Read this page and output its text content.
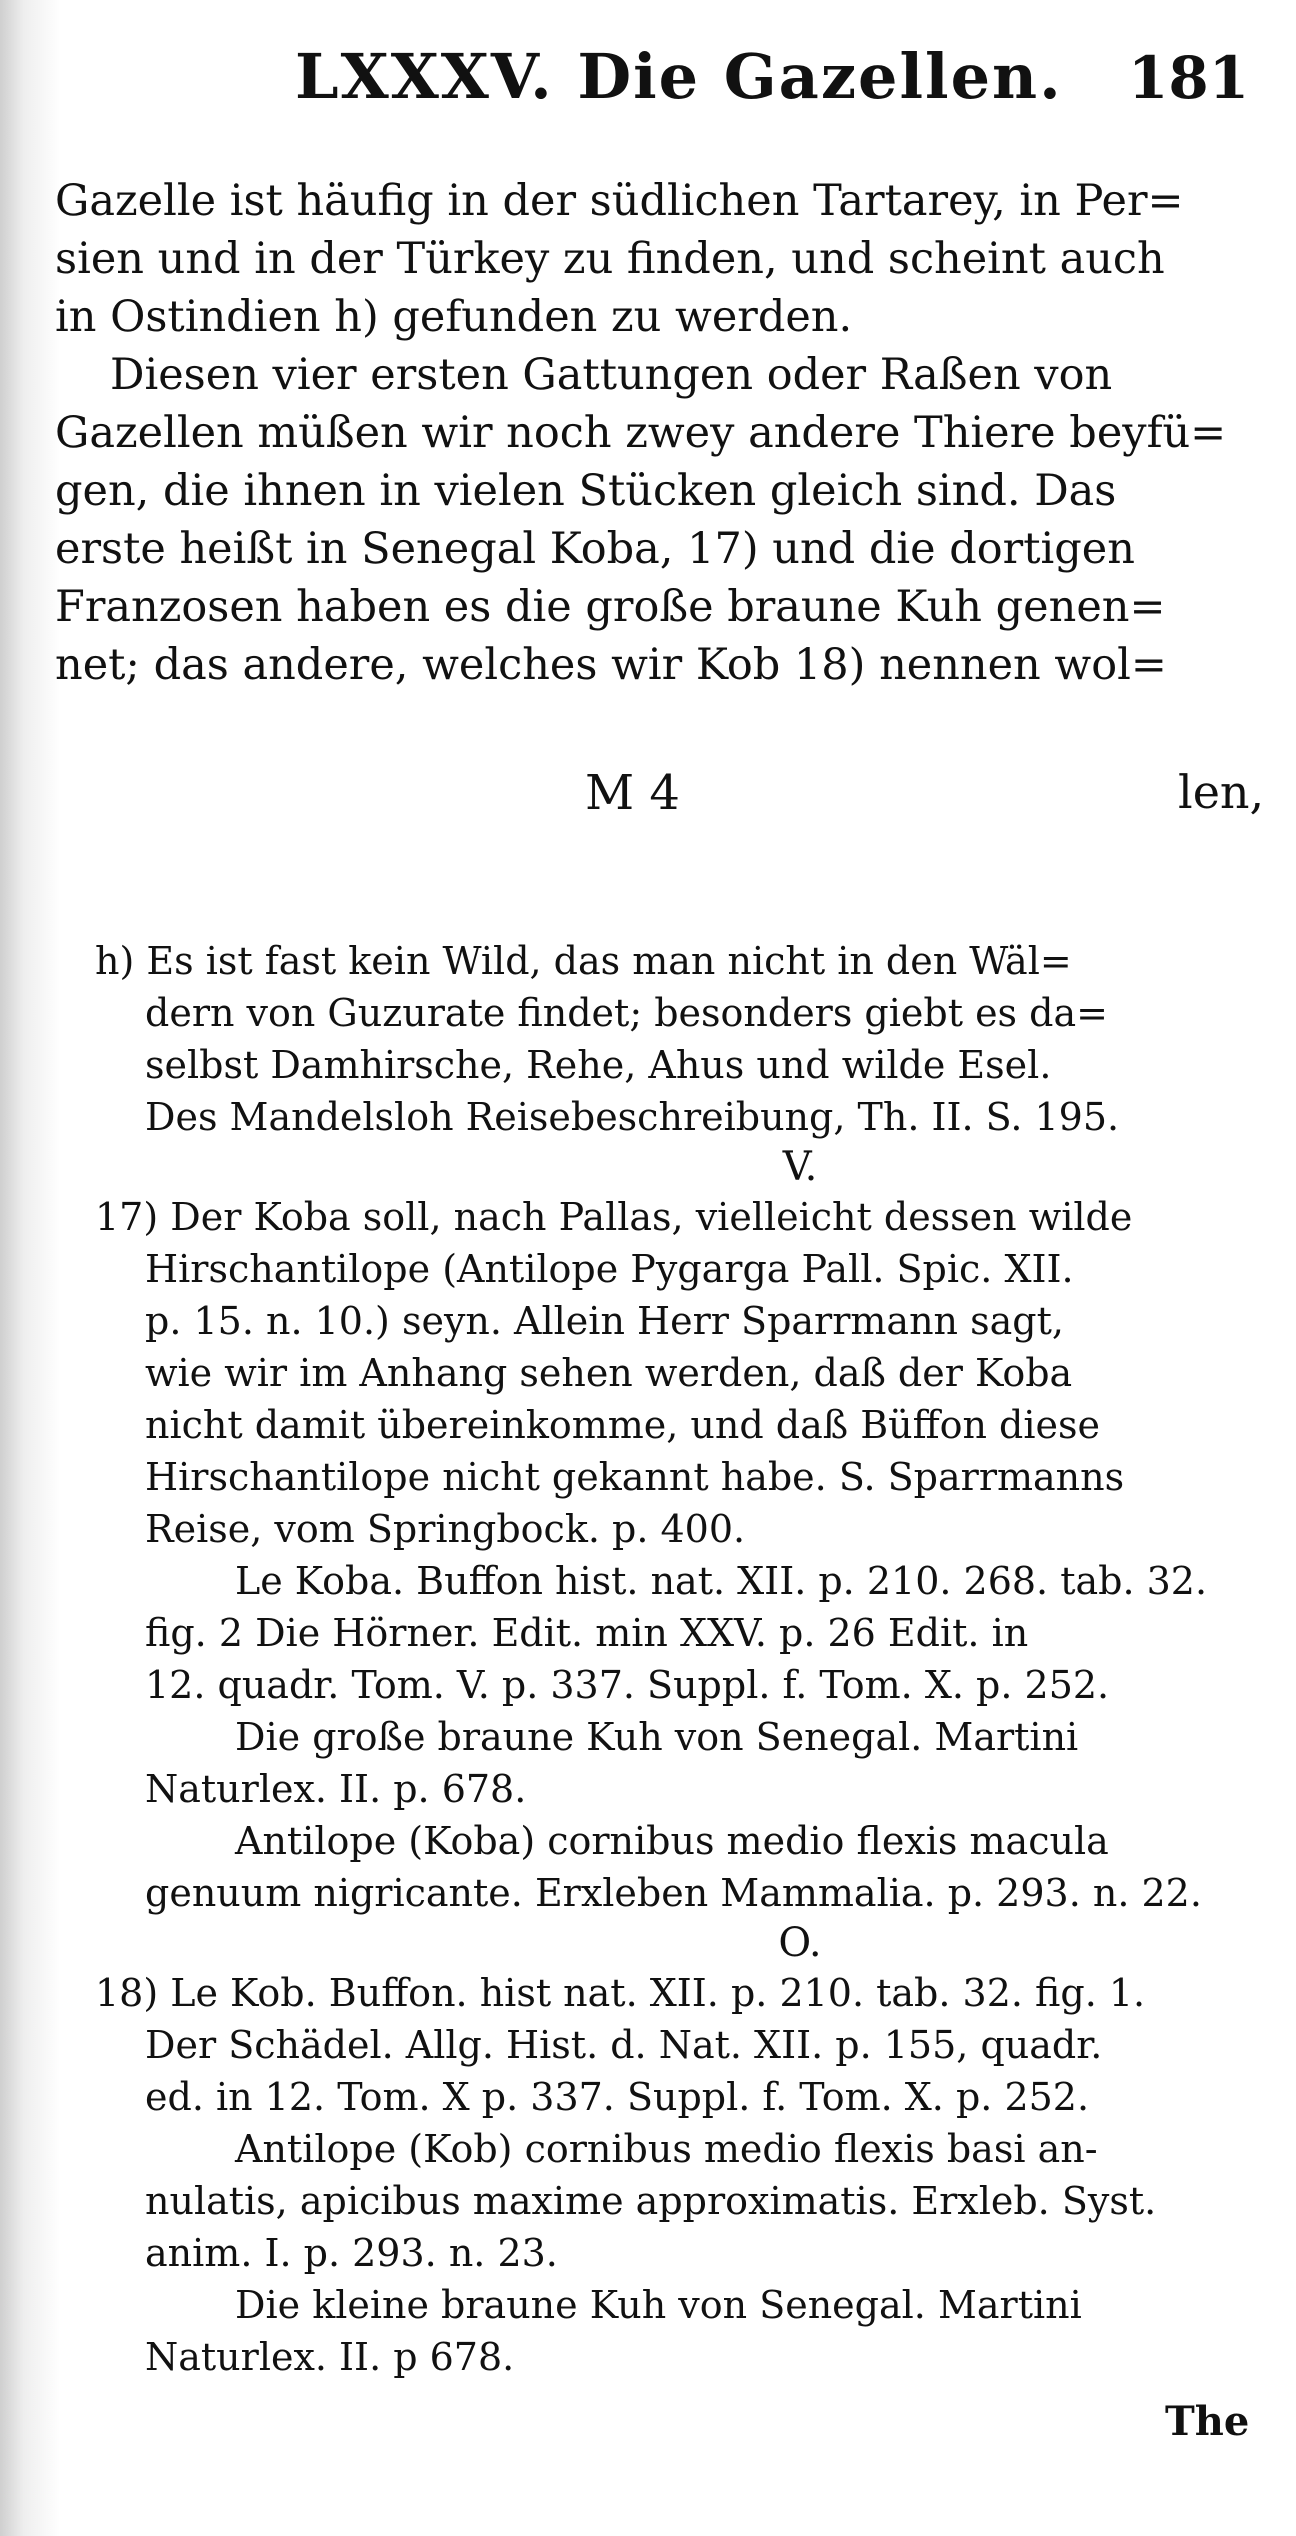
LXXXV. Die Gazellen. 181
Gazelle ist häufig in der südlichen Tartarey, in Per=
sien und in der Türkey zu finden, und scheint auch
in Ostindien h) gefunden zu werden.
Diesen vier ersten Gattungen oder Raßen von
Gazellen müßen wir noch zwey andere Thiere beyfü=
gen, die ihnen in vielen Stücken gleich sind. Das
erste heißt in Senegal Koba, 17) und die dortigen
Franzosen haben es die große braune Kuh genen=
net; das andere, welches wir Kob 18) nennen wol=
M 4	len,
h) Es ist fast kein Wild, das man nicht in den Wäl=
dern von Guzurate findet; besonders giebt es da=
selbst Damhirsche, Rehe, Ahus und wilde Esel.
Des Mandelsloh Reisebeschreibung, Th. II. S. 195.
V.
17) Der Koba soll, nach Pallas, vielleicht dessen wilde
Hirschantilope (Antilope Pygarga Pall. Spic. XII.
p. 15. n. 10.) seyn. Allein Herr Sparrmann sagt,
wie wir im Anhang sehen werden, daß der Koba
nicht damit übereinkomme, und daß Büffon diese
Hirschantilope nicht gekannt habe. S. Sparrmanns
Reise, vom Springbock. p. 400.
Le Koba. Buffon hist. nat. XII. p. 210. 268. tab. 32.
fig. 2 Die Hörner. Edit. min XXV. p. 26 Edit. in
12. quadr. Tom. V. p. 337. Suppl. f. Tom. X. p. 252.
Die große braune Kuh von Senegal. Martini
Naturlex. II. p. 678.
Antilope (Koba) cornibus medio flexis macula
genuum nigricante. Erxleben Mammalia. p. 293. n. 22.
O.
18) Le Kob. Buffon. hist nat. XII. p. 210. tab. 32. fig. 1.
Der Schädel. Allg. Hist. d. Nat. XII. p. 155, quadr.
ed. in 12. Tom. X p. 337. Suppl. f. Tom. X. p. 252.
Antilope (Kob) cornibus medio flexis basi an-
nulatis, apicibus maxime approximatis. Erxleb. Syst.
anim. I. p. 293. n. 23.
Die kleine braune Kuh von Senegal. Martini
Naturlex. II. p 678.
The
